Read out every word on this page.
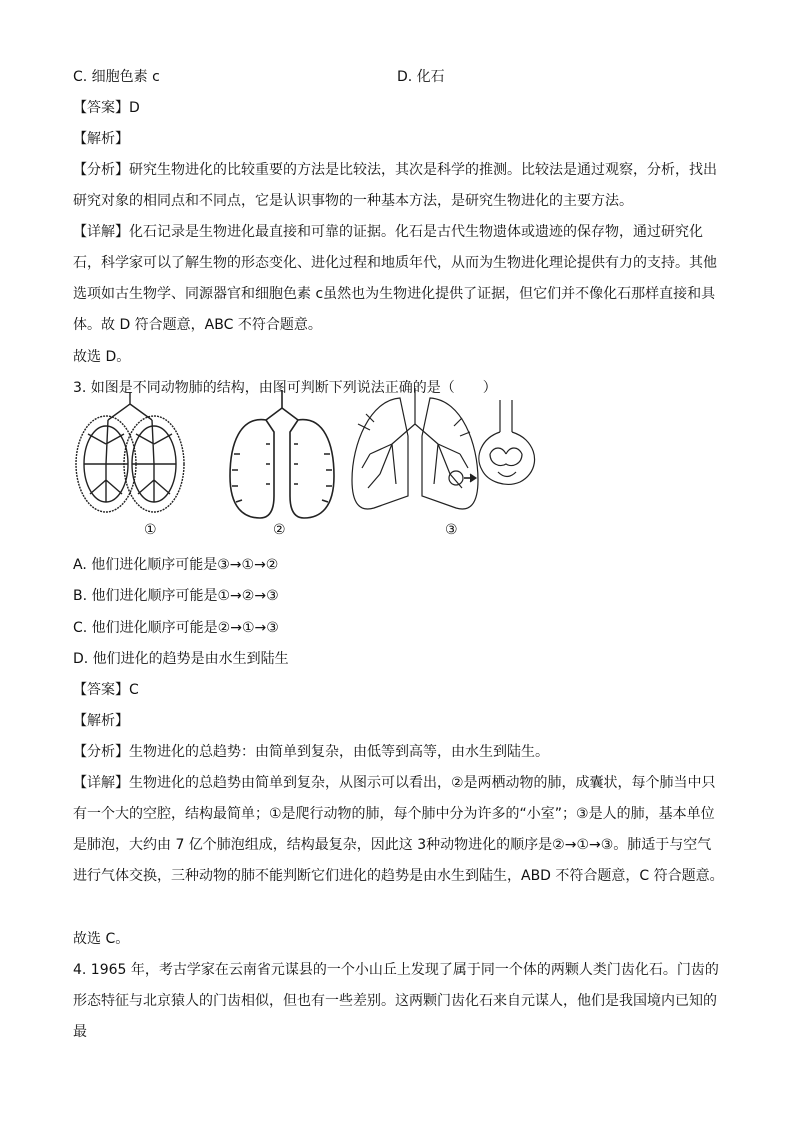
C. 细胞色素 c	D. 化石
【答案】D
【解析】
【分析】研究生物进化的比较重要的方法是比较法，其次是科学的推测。比较法是通过观察，分析，找出研究对象的相同点和不同点，它是认识事物的一种基本方法，是研究生物进化的主要方法。
【详解】化石记录是生物进化最直接和可靠的证据。化石是古代生物遗体或遗迹的保存物，通过研究化石，科学家可以了解生物的形态变化、进化过程和地质年代，从而为生物进化理论提供有力的支持。其他选项如古生物学、同源器官和细胞色素 c虽然也为生物进化提供了证据，但它们并不像化石那样直接和具体。故 D 符合题意，ABC 不符合题意。
故选 D。
3. 如图是不同动物肺的结构，由图可判断下列说法正确的是（　　）
①	②	③
A. 他们进化顺序可能是③→①→②
B. 他们进化顺序可能是①→②→③
C. 他们进化顺序可能是②→①→③
D. 他们进化的趋势是由水生到陆生
【答案】C
【解析】
【分析】生物进化的总趋势：由简单到复杂，由低等到高等，由水生到陆生。
【详解】生物进化的总趋势由简单到复杂，从图示可以看出，②是两栖动物的肺，成囊状，每个肺当中只有一个大的空腔，结构最简单；①是爬行动物的肺，每个肺中分为许多的“小室”；③是人的肺，基本单位是肺泡，大约由 7 亿个肺泡组成，结构最复杂，因此这 3种动物进化的顺序是②→①→③。肺适于与空气进行气体交换，三种动物的肺不能判断它们进化的趋势是由水生到陆生，ABD 不符合题意，C 符合题意。
故选 C。
4. 1965 年，考古学家在云南省元谋县的一个小山丘上发现了属于同一个体的两颗人类门齿化石。门齿的形态特征与北京猿人的门齿相似，但也有一些差别。这两颗门齿化石来自元谋人，他们是我国境内已知的最
